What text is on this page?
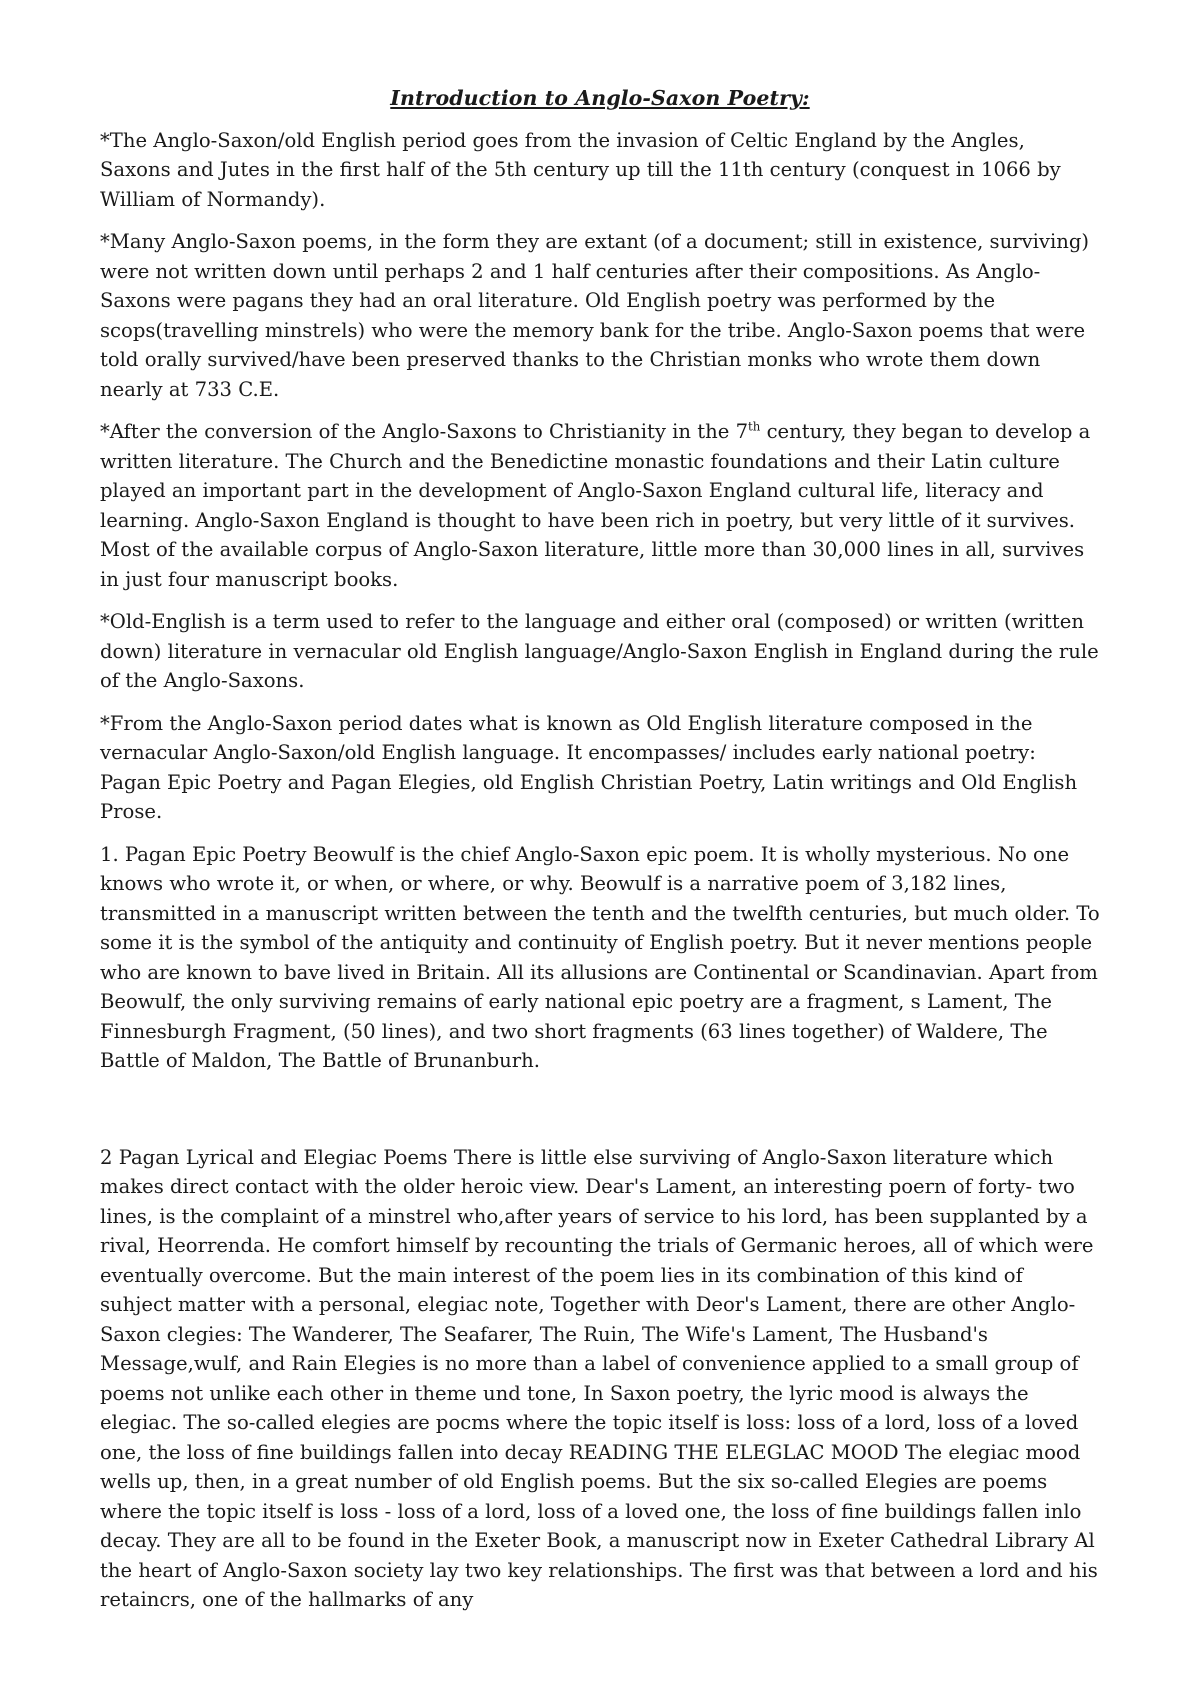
Introduction to Anglo-Saxon Poetry:

*The Anglo-Saxon/old English period goes from the invasion of Celtic England by the Angles, Saxons and Jutes in the first half of the 5th century up till the 11th century (conquest in 1066 by William of Normandy).

*Many Anglo-Saxon poems, in the form they are extant (of a document; still in existence, surviving) were not written down until perhaps 2 and 1 half centuries after their compositions. As Anglo-Saxons were pagans they had an oral literature. Old English poetry was performed by the scops(travelling minstrels) who were the memory bank for the tribe. Anglo-Saxon poems that were told orally survived/have been preserved thanks to the Christian monks who wrote them down nearly at 733 C.E.

*After the conversion of the Anglo-Saxons to Christianity in the 7th century, they began to develop a written literature. The Church and the Benedictine monastic foundations and their Latin culture played an important part in the development of Anglo-Saxon England cultural life, literacy and learning. Anglo-Saxon England is thought to have been rich in poetry, but very little of it survives. Most of the available corpus of Anglo-Saxon literature, little more than 30,000 lines in all, survives in just four manuscript books.

*Old-English is a term used to refer to the language and either oral (composed) or written (written down) literature in vernacular old English language/Anglo-Saxon English in England during the rule of the Anglo-Saxons.

*From the Anglo-Saxon period dates what is known as Old English literature composed in the vernacular Anglo-Saxon/old English language. It encompasses/ includes early national poetry: Pagan Epic Poetry and Pagan Elegies, old English Christian Poetry, Latin writings and Old English Prose.

1. Pagan Epic Poetry Beowulf is the chief Anglo-Saxon epic poem. It is wholly mysterious. No one knows who wrote it, or when, or where, or why. Beowulf is a narrative poem of 3,182 lines, transmitted in a manuscript written between the tenth and the twelfth centuries, but much older. To some it is the symbol of the antiquity and continuity of English poetry. But it never mentions people who are known to bave lived in Britain. All its allusions are Continental or Scandinavian. Apart from Beowulf, the only surviving remains of early national epic poetry are a fragment, s Lament, The Finnesburgh Fragment, (50 lines), and two short fragments (63 lines together) of Waldere, The Battle of Maldon, The Battle of Brunanburh.

2 Pagan Lyrical and Elegiac Poems There is little else surviving of Anglo-Saxon literature which makes direct contact with the older heroic view. Dear's Lament, an interesting poern of forty- two lines, is the complaint of a minstrel who,after years of service to his lord, has been supplanted by a rival, Heorrenda. He comfort himself by recounting the trials of Germanic heroes, all of which were eventually overcome. But the main interest of the poem lies in its combination of this kind of suhject matter with a personal, elegiac note, Together with Deor's Lament, there are other Anglo- Saxon clegies: The Wanderer, The Seafarer, The Ruin, The Wife's Lament, The Husband's Message,wulf, and Rain Elegies is no more than a label of convenience applied to a small group of poems not unlike each other in theme und tone, In Saxon poetry, the lyric mood is always the elegiac. The so-called elegies are pocms where the topic itself is loss: loss of a lord, loss of a loved one, the loss of fine buildings fallen into decay READING THE ELEGLAC MOOD The elegiac mood wells up, then, in a great number of old English poems. But the six so-called Elegies are poems where the topic itself is loss - loss of a lord, loss of a loved one, the loss of fine buildings fallen inlo decay. They are all to be found in the Exeter Book, a manuscript now in Exeter Cathedral Library Al the heart of Anglo-Saxon society lay two key relationships. The first was that between a lord and his retaincrs, one of the hallmarks of any
